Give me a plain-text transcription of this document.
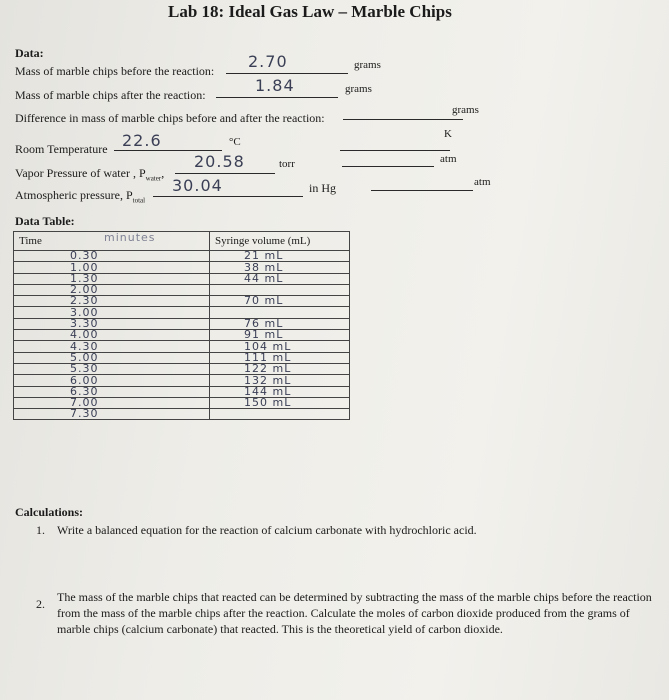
Lab 18: Ideal Gas Law – Marble Chips
Data:
Mass of marble chips before the reaction: 2.70	grams
Mass of marble chips after the reaction:	1.84	grams
Difference in mass of marble chips before and after the reaction:
grams
Room Temperature 22.6	°C
K
Vapor Pressure of water , $P_{water}$,
20.58	torr	atm
Atmospheric pressure, $P_{total}$
30.04	in Hg	atm
Data Table:
Time minutes	Syringe volume (mL)
0.30	21 mL
1.00	38 mL
1.30	44 mL
2.00	
2.30	70 mL
3.00	
3.30	76 mL
4.00	91 mL
4.30	104 mL
5.00	111 mL
5.30	122 mL
6.00	132 mL
6.30	144 mL
7.00	150 mL
7.30	
Calculations:
1. Write a balanced equation for the reaction of calcium carbonate with hydrochloric acid.
2. The mass of the marble chips that reacted can be determined by subtracting the mass of the marble chips before the reaction from the mass of the marble chips after the reaction. Calculate the moles of carbon dioxide produced from the grams of marble chips (calcium carbonate) that reacted. This is the theoretical yield of carbon dioxide.
